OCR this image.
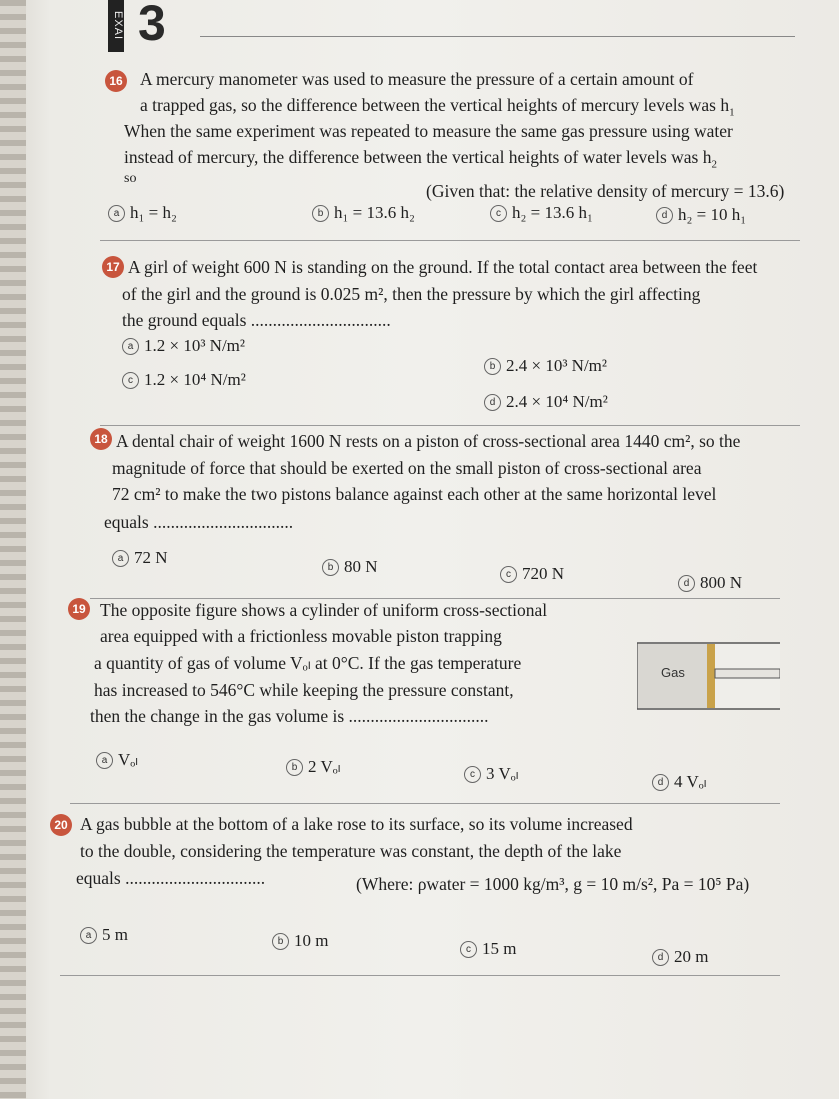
EXAI 3
16 A mercury manometer was used to measure the pressure of a certain amount of
a trapped gas, so the difference between the vertical heights of mercury levels was $h_1$
When the same experiment was repeated to measure the same gas pressure using water
instead of mercury, the difference between the vertical heights of water levels was $h_2$
so
(Given that: the relative density of mercury = 13.6)
a h₁ = h₂	b h₁ = 13.6 h₂	c h₂ = 13.6 h₁	d h₂ = 10 h₁
17 A girl of weight 600 N is standing on the ground. If the total contact area between the feet
of the girl and the ground is 0.025 m², then the pressure by which the girl affecting
the ground equals ................................
a 1.2 × 10³ N/m²
b 2.4 × 10³ N/m²
c 1.2 × 10⁴ N/m²
d 2.4 × 10⁴ N/m²
18 A dental chair of weight 1600 N rests on a piston of cross-sectional area 1440 cm², so the
magnitude of force that should be exerted on the small piston of cross-sectional area
72 cm² to make the two pistons balance against each other at the same horizontal level
equals ................................
a 72 N
b 80 N	c 720 N
d 800 N
19 The opposite figure shows a cylinder of uniform cross-sectional
area equipped with a frictionless movable piston trapping
a quantity of gas of volume Vₒₗ at 0°C. If the gas temperature
has increased to 546°C while keeping the pressure constant,
then the change in the gas volume is ................................
Gas
a Vₒₗ	b 2 Vₒₗ	c 3 Vₒₗ	d 4 Vₒₗ
20 A gas bubble at the bottom of a lake rose to its surface, so its volume increased
to the double, considering the temperature was constant, the depth of the lake
equals ................................	(Where: ρwater = 1000 kg/m³, g = 10 m/s², Pa = 10⁵ Pa)
a 5 m	b 10 m	c 15 m	d 20 m
